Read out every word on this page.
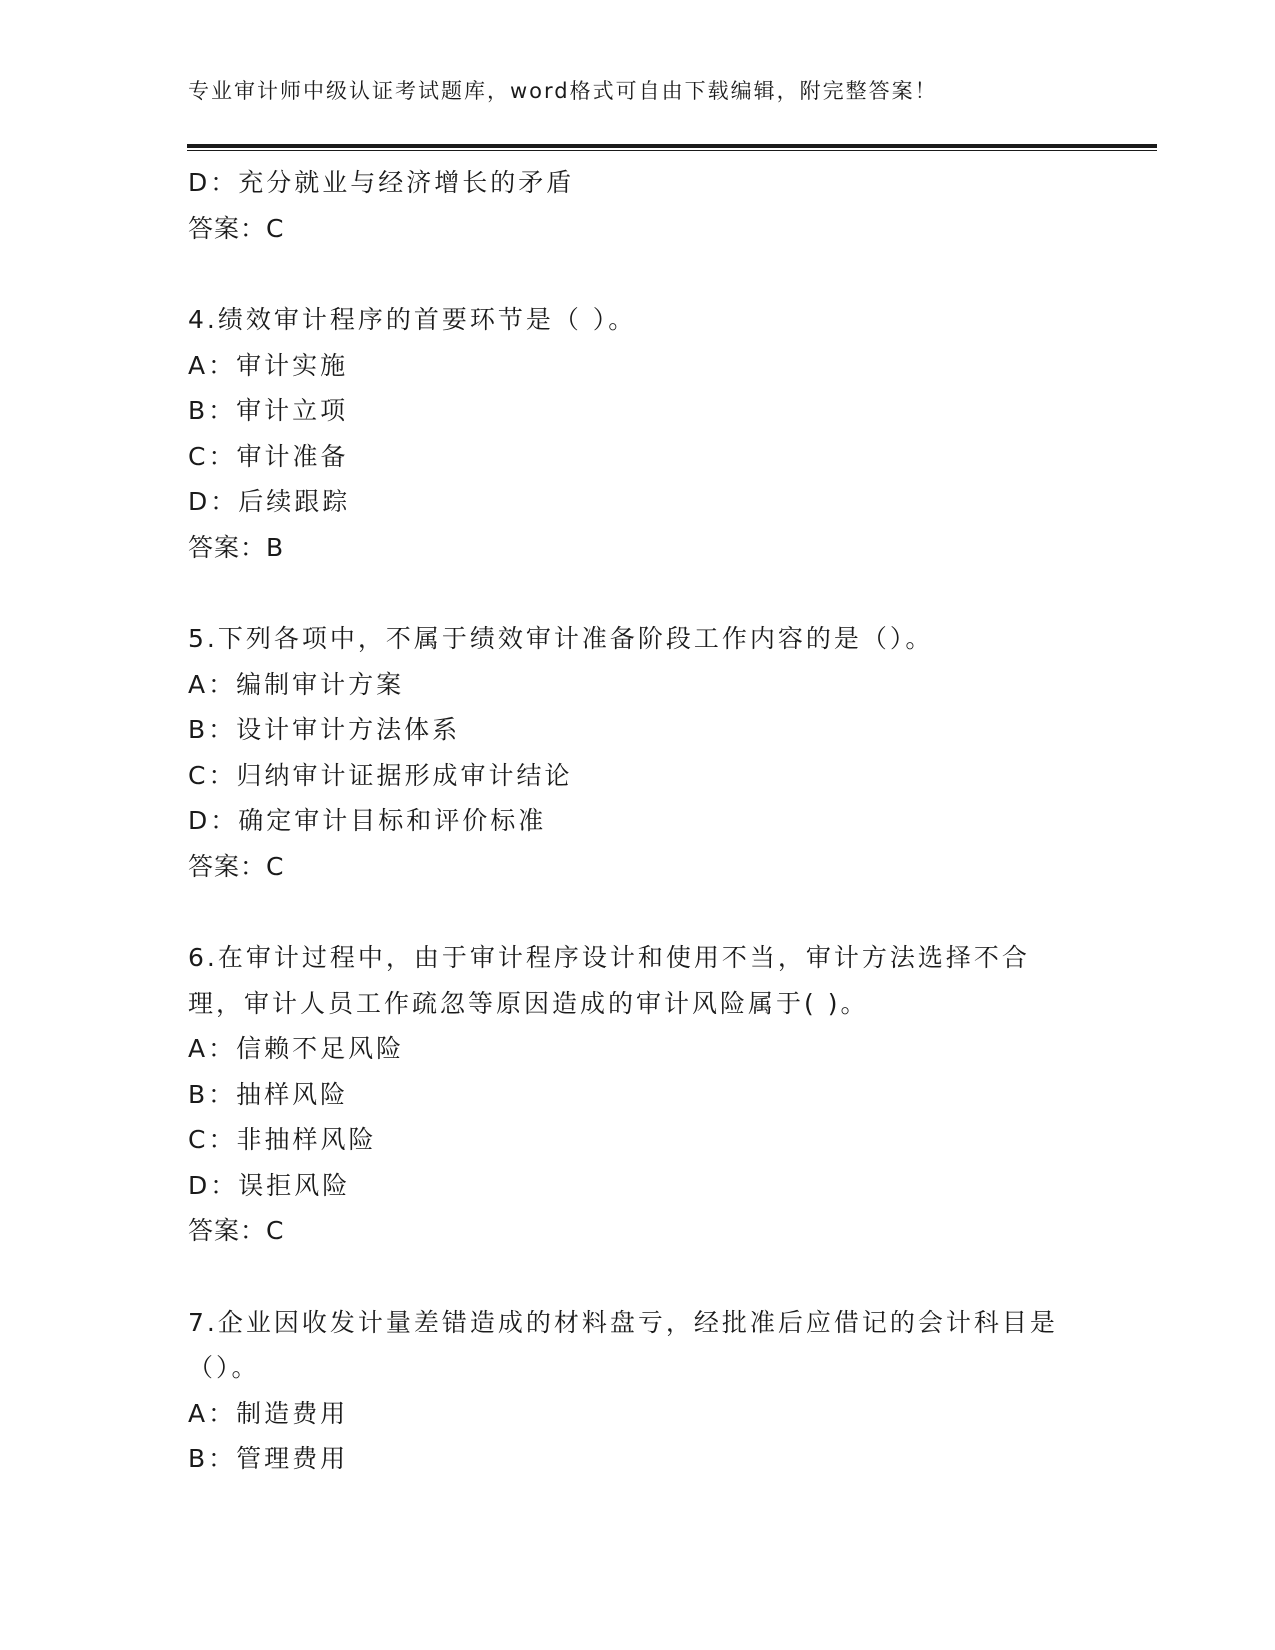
专业审计师中级认证考试题库，word格式可自由下载编辑，附完整答案！
D：充分就业与经济增长的矛盾
答案：C
4.绩效审计程序的首要环节是（ ）。
A：审计实施
B：审计立项
C：审计准备
D：后续跟踪
答案：B
5.下列各项中，不属于绩效审计准备阶段工作内容的是（）。
A：编制审计方案
B：设计审计方法体系
C：归纳审计证据形成审计结论
D：确定审计目标和评价标准
答案：C
6.在审计过程中，由于审计程序设计和使用不当，审计方法选择不合理，审计人员工作疏忽等原因造成的审计风险属于( )。
A：信赖不足风险
B：抽样风险
C：非抽样风险
D：误拒风险
答案：C
7.企业因收发计量差错造成的材料盘亏，经批准后应借记的会计科目是（）。
A：制造费用
B：管理费用
